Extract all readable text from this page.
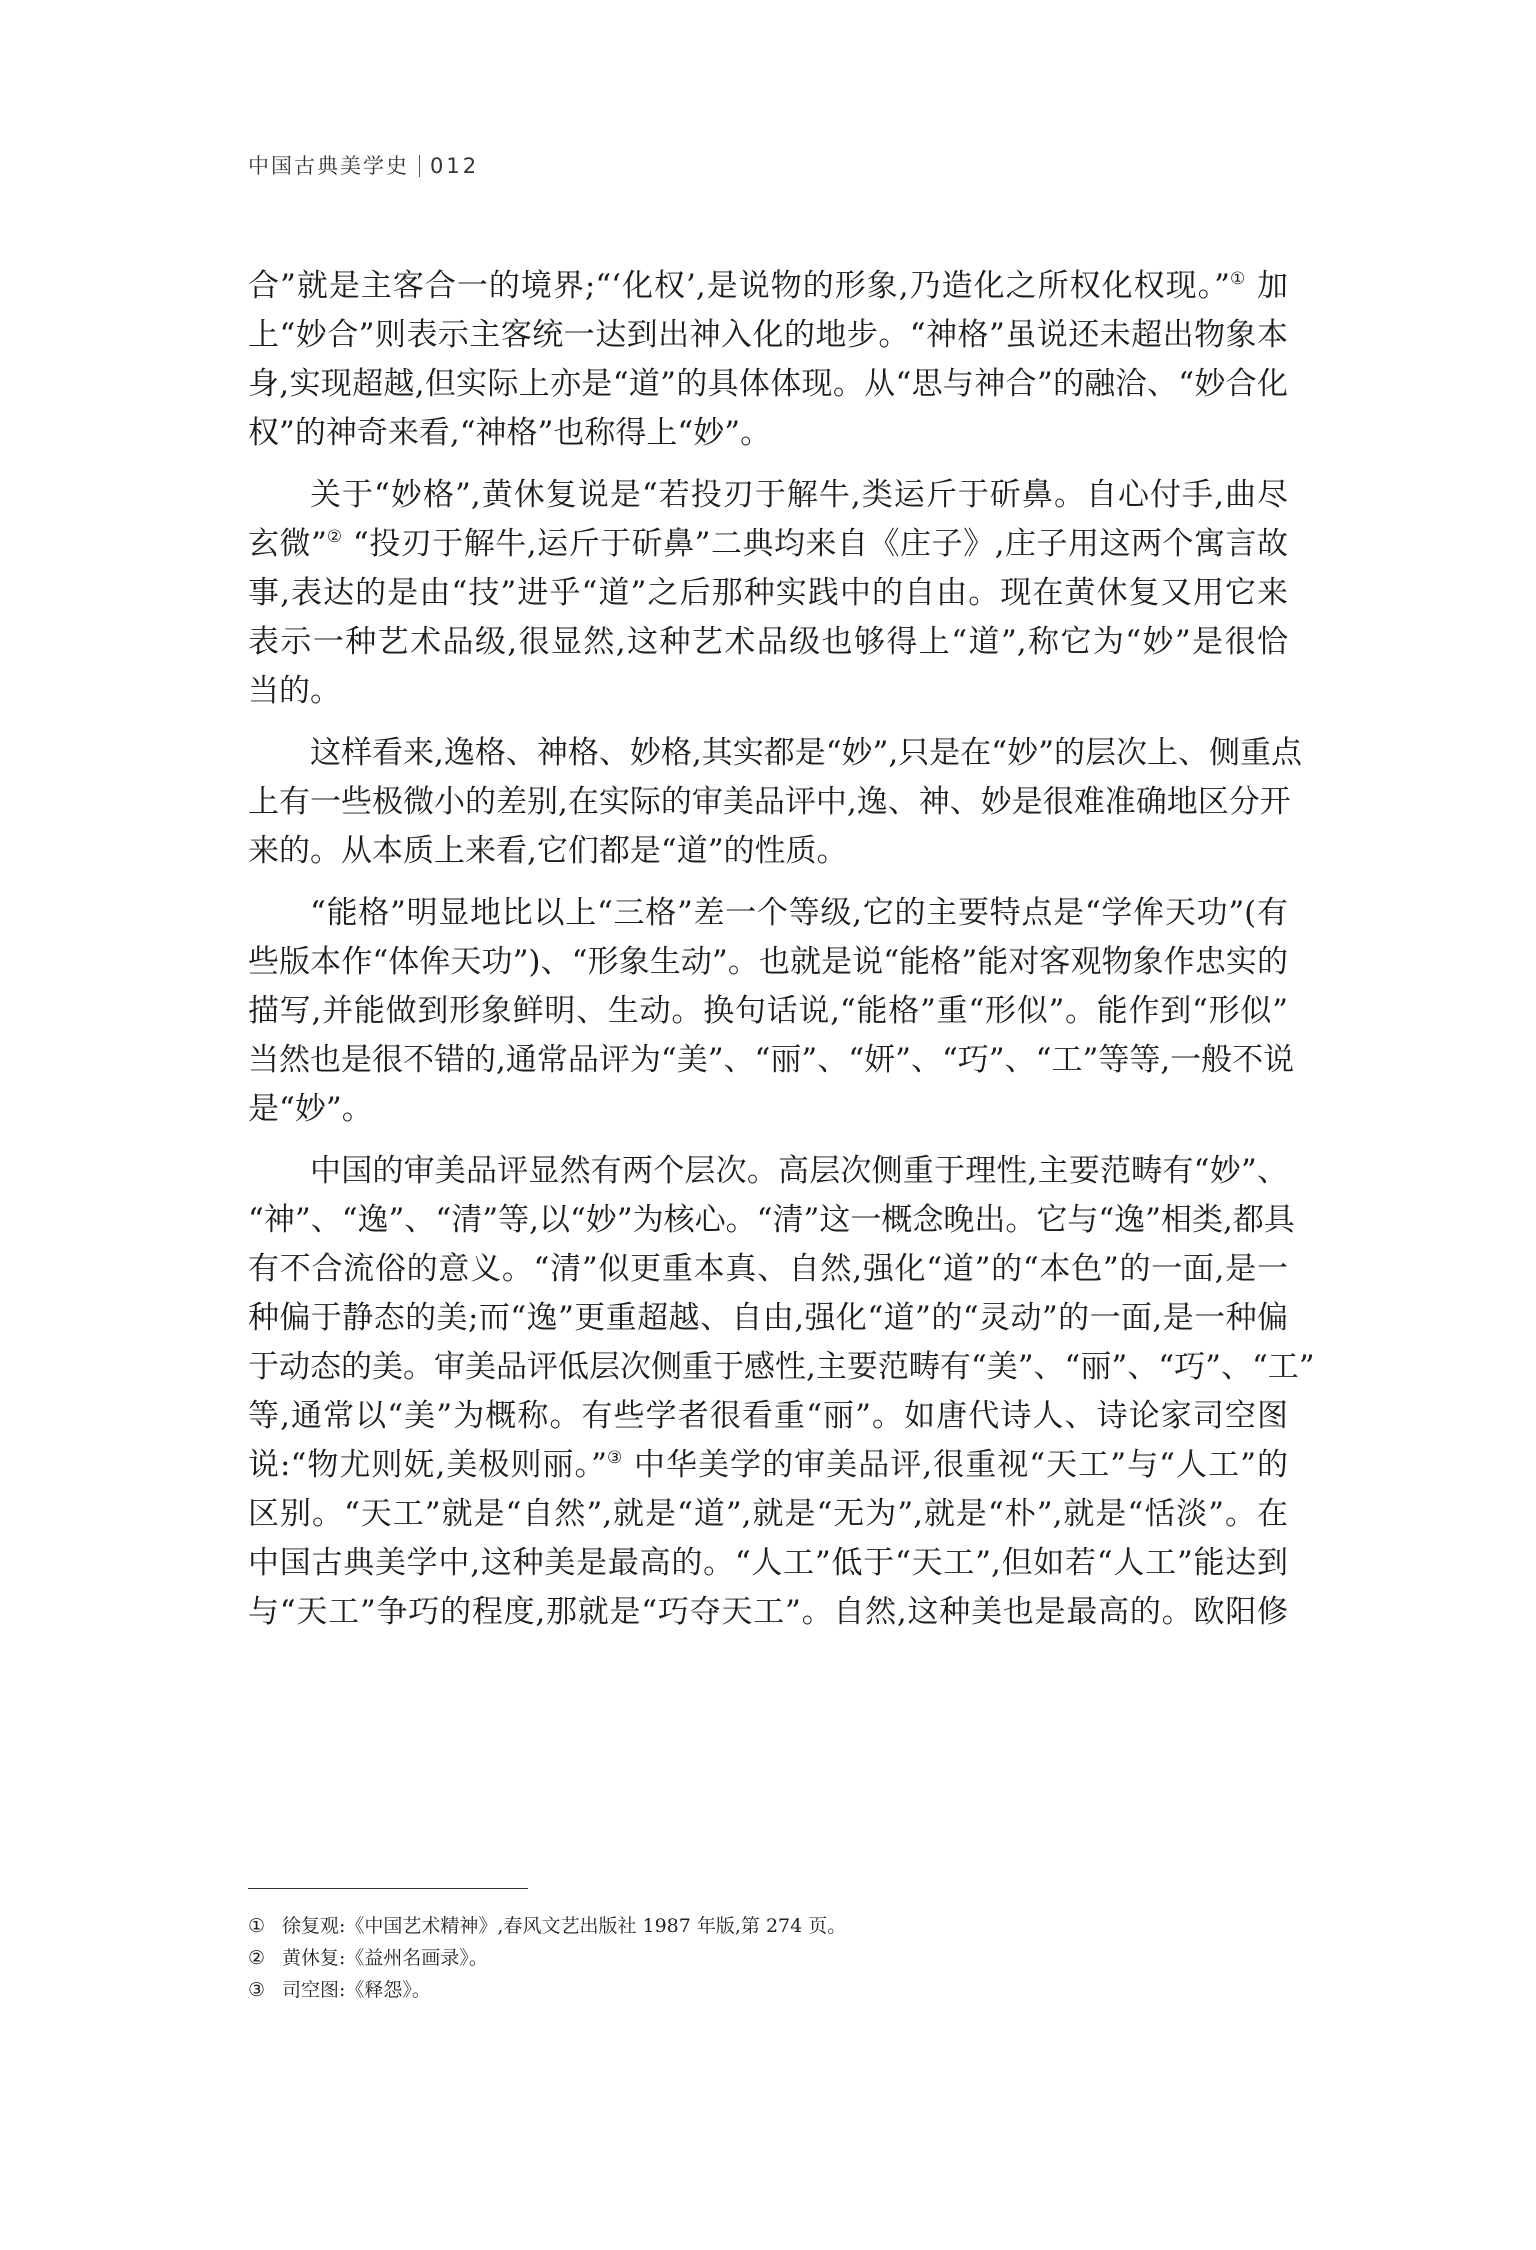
中国古典美学史 012
合”就是主客合一的境界;“‘化权’,是说物的形象,乃造化之所权化权现。”① 加
上“妙合”则表示主客统一达到出神入化的地步。“神格”虽说还未超出物象本
身,实现超越,但实际上亦是“道”的具体体现。从“思与神合”的融洽、“妙合化
权”的神奇来看,“神格”也称得上“妙”。
关于“妙格”,黄休复说是“若投刃于解牛,类运斤于斫鼻。自心付手,曲尽
玄微”② “投刃于解牛,运斤于斫鼻”二典均来自《庄子》,庄子用这两个寓言故
事,表达的是由“技”进乎“道”之后那种实践中的自由。现在黄休复又用它来
表示一种艺术品级,很显然,这种艺术品级也够得上“道”,称它为“妙”是很恰
当的。
这样看来,逸格、神格、妙格,其实都是“妙”,只是在“妙”的层次上、侧重点
上有一些极微小的差别,在实际的审美品评中,逸、神、妙是很难准确地区分开
来的。从本质上来看,它们都是“道”的性质。
“能格”明显地比以上“三格”差一个等级,它的主要特点是“学侔天功”(有
些版本作“体侔天功”)、“形象生动”。也就是说“能格”能对客观物象作忠实的
描写,并能做到形象鲜明、生动。换句话说,“能格”重“形似”。能作到“形似”
当然也是很不错的,通常品评为“美”、“丽”、“妍”、“巧”、“工”等等,一般不说
是“妙”。
中国的审美品评显然有两个层次。高层次侧重于理性,主要范畴有“妙”、
“神”、“逸”、“清”等,以“妙”为核心。“清”这一概念晚出。它与“逸”相类,都具
有不合流俗的意义。“清”似更重本真、自然,强化“道”的“本色”的一面,是一
种偏于静态的美;而“逸”更重超越、自由,强化“道”的“灵动”的一面,是一种偏
于动态的美。审美品评低层次侧重于感性,主要范畴有“美”、“丽”、“巧”、“工”
等,通常以“美”为概称。有些学者很看重“丽”。如唐代诗人、诗论家司空图
说:“物尤则妩,美极则丽。”③ 中华美学的审美品评,很重视“天工”与“人工”的
区别。“天工”就是“自然”,就是“道”,就是“无为”,就是“朴”,就是“恬淡”。在
中国古典美学中,这种美是最高的。“人工”低于“天工”,但如若“人工”能达到
与“天工”争巧的程度,那就是“巧夺天工”。自然,这种美也是最高的。欧阳修
① 徐复观:《中国艺术精神》,春风文艺出版社 1987 年版,第 274 页。
② 黄休复:《益州名画录》。
③ 司空图:《释怨》。
